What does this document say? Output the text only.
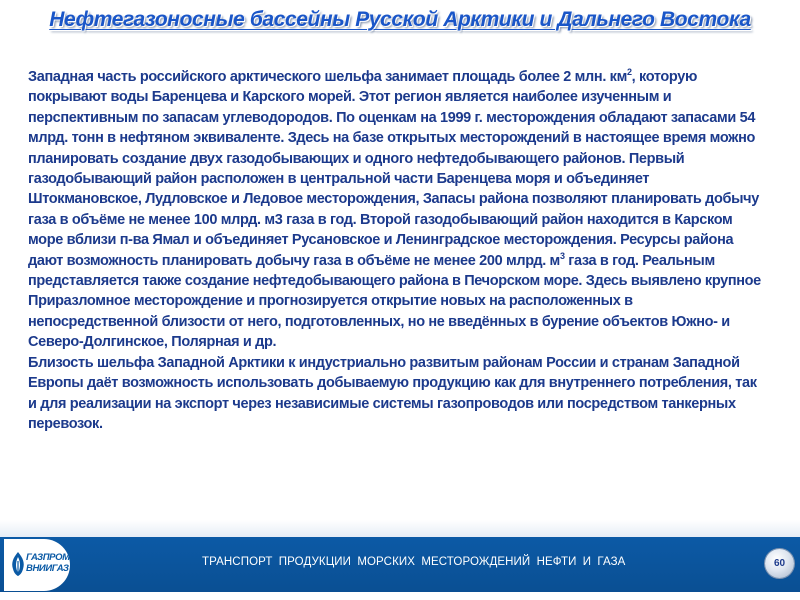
Нефтегазоносные бассейны Русской Арктики и Дальнего Востока

Западная часть российского арктического шельфа занимает площадь более 2 млн. $км^2$, которую покрывают воды Баренцева и Карского морей. Этот регион является наиболее изученным и перспективным по запасам углеводородов. По оценкам на 1999 г. месторождения обладают запасами 54 млрд. тонн в нефтяном эквиваленте. Здесь на базе открытых месторождений в настоящее время можно планировать создание двух газодобывающих и одного нефтедобывающего районов. Первый газодобывающий район расположен в центральной части Баренцева моря и объединяет Штокмановское, Лудловское и Ледовое месторождения, Запасы района позволяют планировать добычу газа в объёме не менее 100 млрд. м3 газа в год. Второй газодобывающий район находится в Карском море вблизи п-ва Ямал и объединяет Русановское и Ленинградское месторождения. Ресурсы района дают возможность планировать добычу газа в объёме не менее 200 млрд. $м^3$ газа в год. Реальным представляется также создание нефтедобывающего района в Печорском море. Здесь выявлено крупное Приразломное месторождение и прогнозируется открытие новых на расположенных в непосредственной близости от него, подготовленных, но не введённых в бурение объектов Южно- и Северо-Долгинское, Полярная и др.

Близость шельфа Западной Арктики к индустриально развитым районам России и странам Западной Европы даёт возможность использовать добываемую продукцию как для внутреннего потребления, так и для реализации на экспорт через независимые системы газопроводов или посредством танкерных перевозок.

ГАЗПРОМ
ВНИИГАЗ
ТРАНСПОРТ ПРОДУКЦИИ МОРСКИХ МЕСТОРОЖДЕНИЙ НЕФТИ И ГАЗА	60
